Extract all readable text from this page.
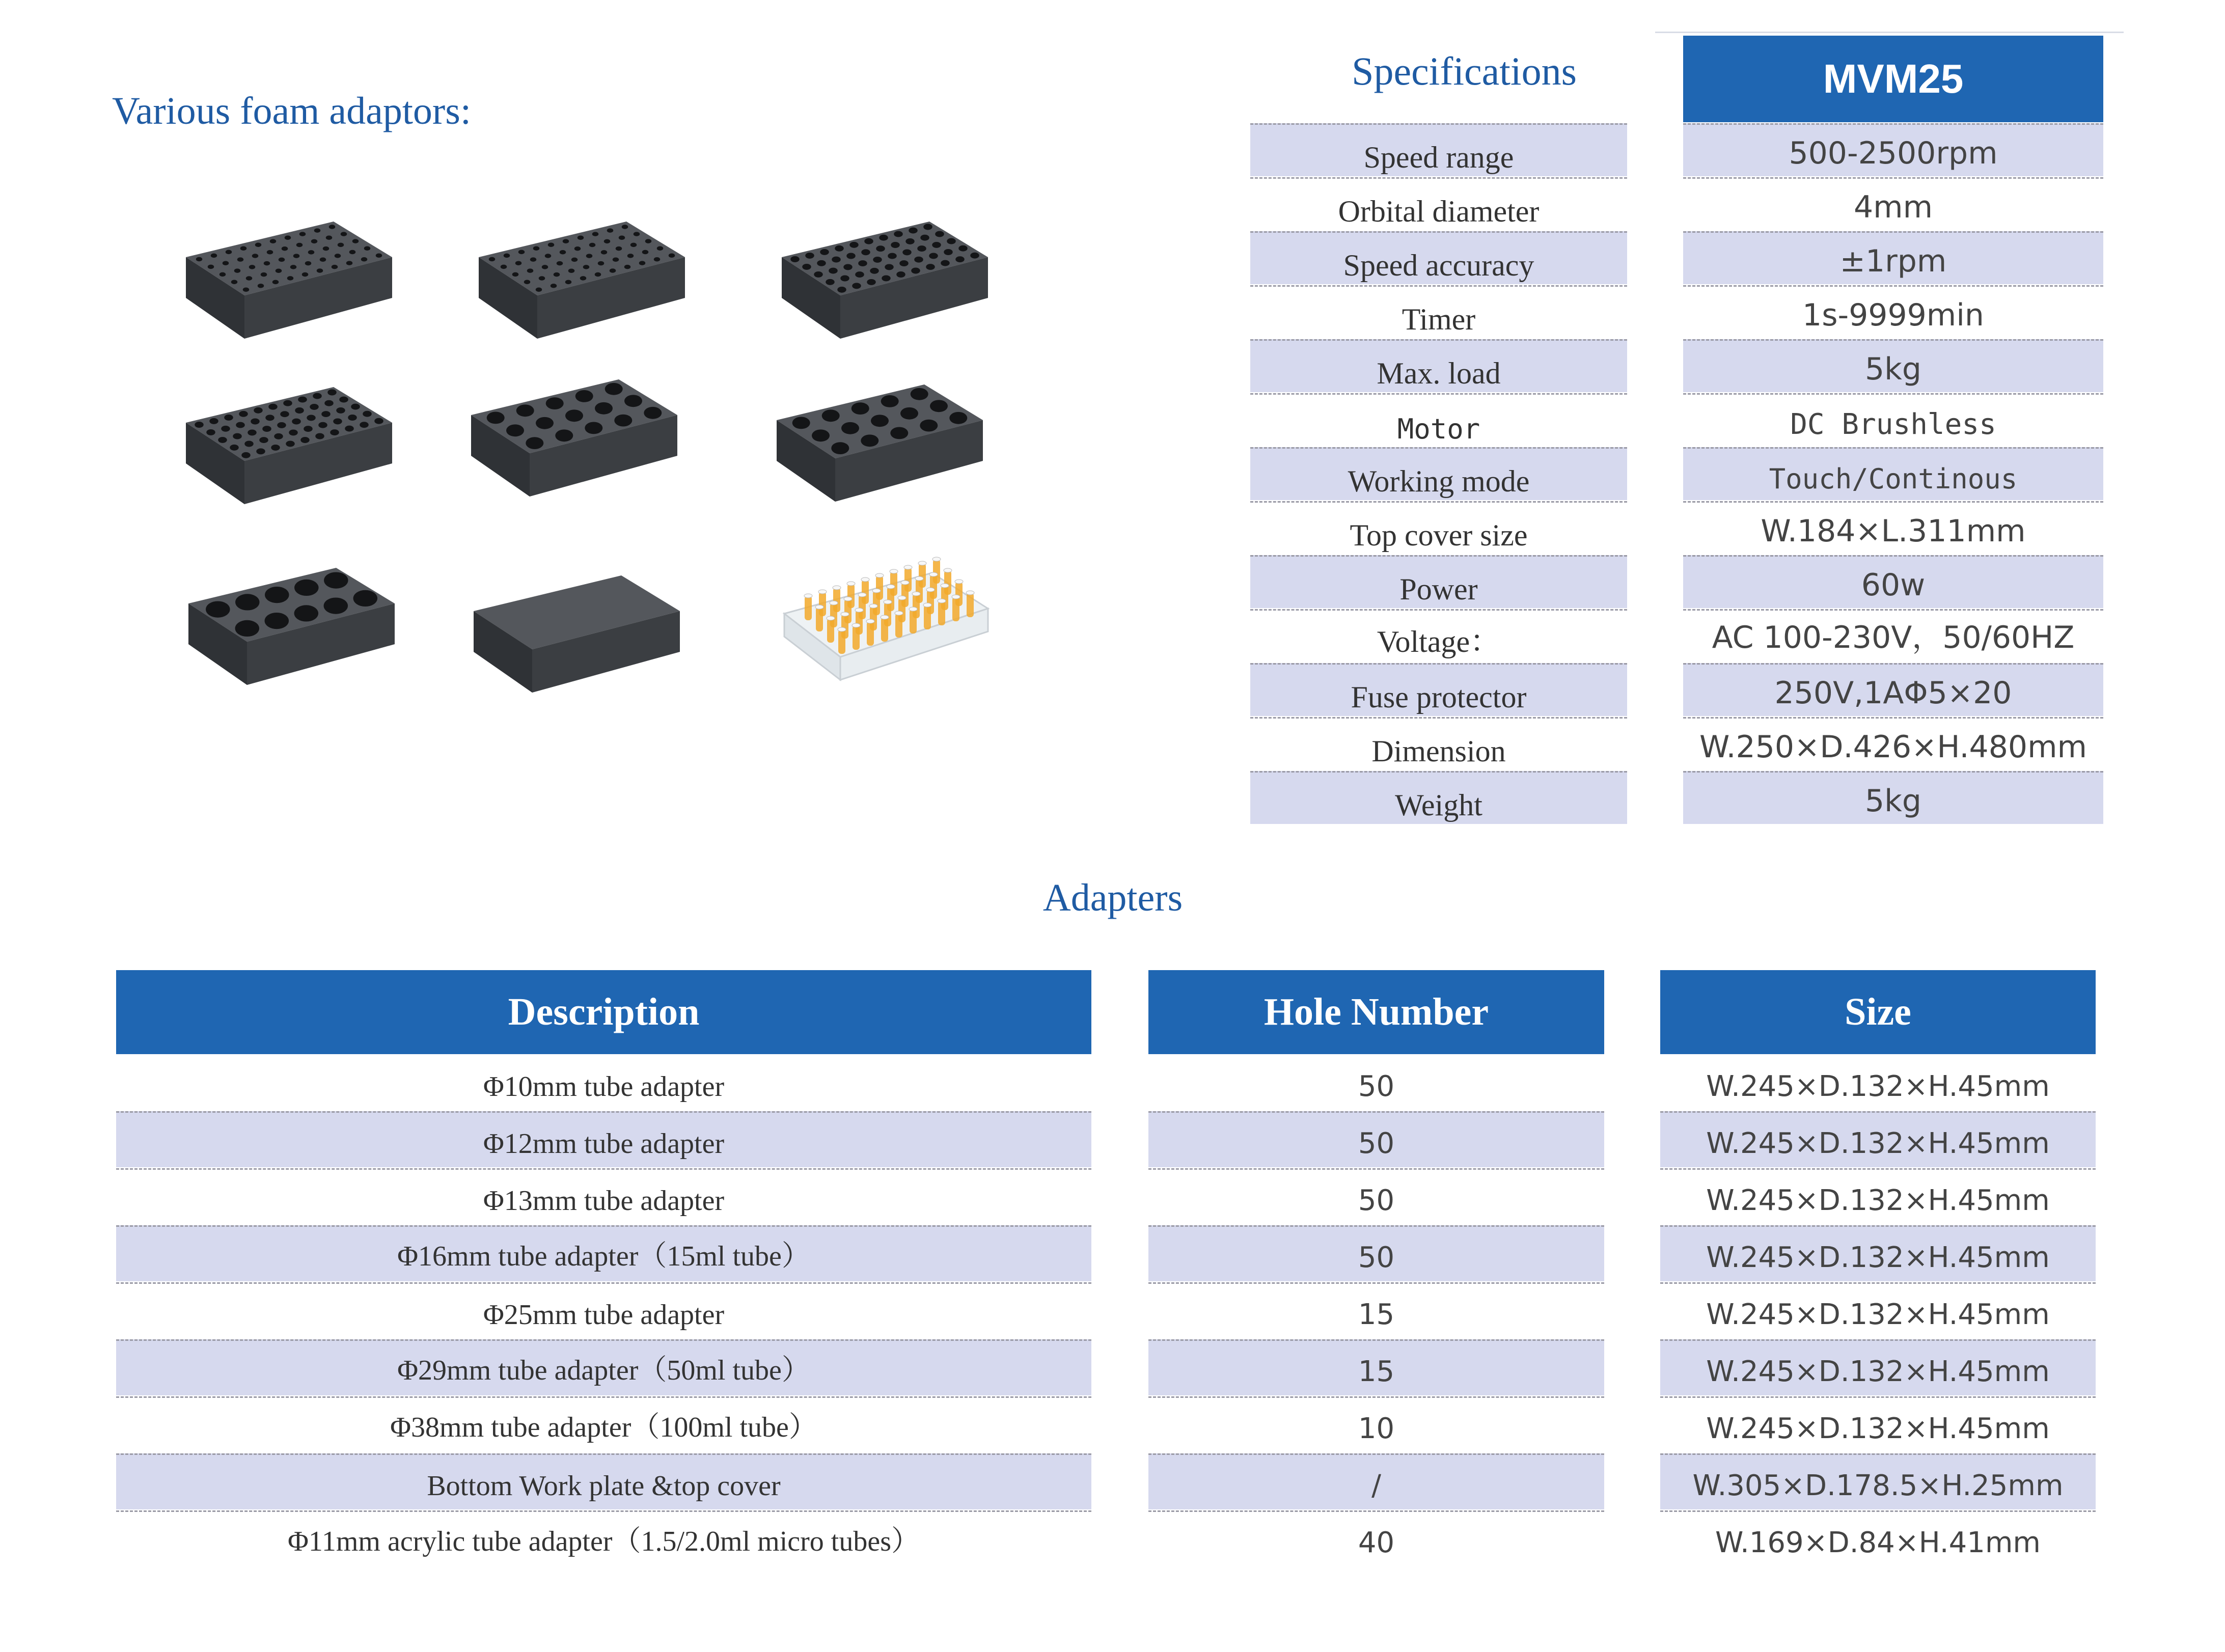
Various foam adaptors:
Specifications	MVM25
Speed range	500-2500rpm
Orbital diameter	4mm
Speed accuracy	±1rpm
Timer	1s-9999min
Max. load	5kg
Motor	DC Brushless
Working mode	Touch/Continous
Top cover size	W.184×L.311mm
Power	60w
Voltage：	AC 100-230V，50/60HZ
Fuse protector	250V,1AΦ5×20
Dimension	W.250×D.426×H.480mm
Weight	5kg
Adapters
Description	Hole Number	Size
Φ10mm tube adapter	50	W.245×D.132×H.45mm
Φ12mm tube adapter	50	W.245×D.132×H.45mm
Φ13mm tube adapter	50	W.245×D.132×H.45mm
Φ16mm tube adapter（15ml tube）	50	W.245×D.132×H.45mm
Φ25mm tube adapter	15	W.245×D.132×H.45mm
Φ29mm tube adapter（50ml tube）	15	W.245×D.132×H.45mm
Φ38mm tube adapter（100ml tube）	10	W.245×D.132×H.45mm
Bottom Work plate &top cover	/	W.305×D.178.5×H.25mm
Φ11mm acrylic tube adapter（1.5/2.0ml micro tubes）	40	W.169×D.84×H.41mm
